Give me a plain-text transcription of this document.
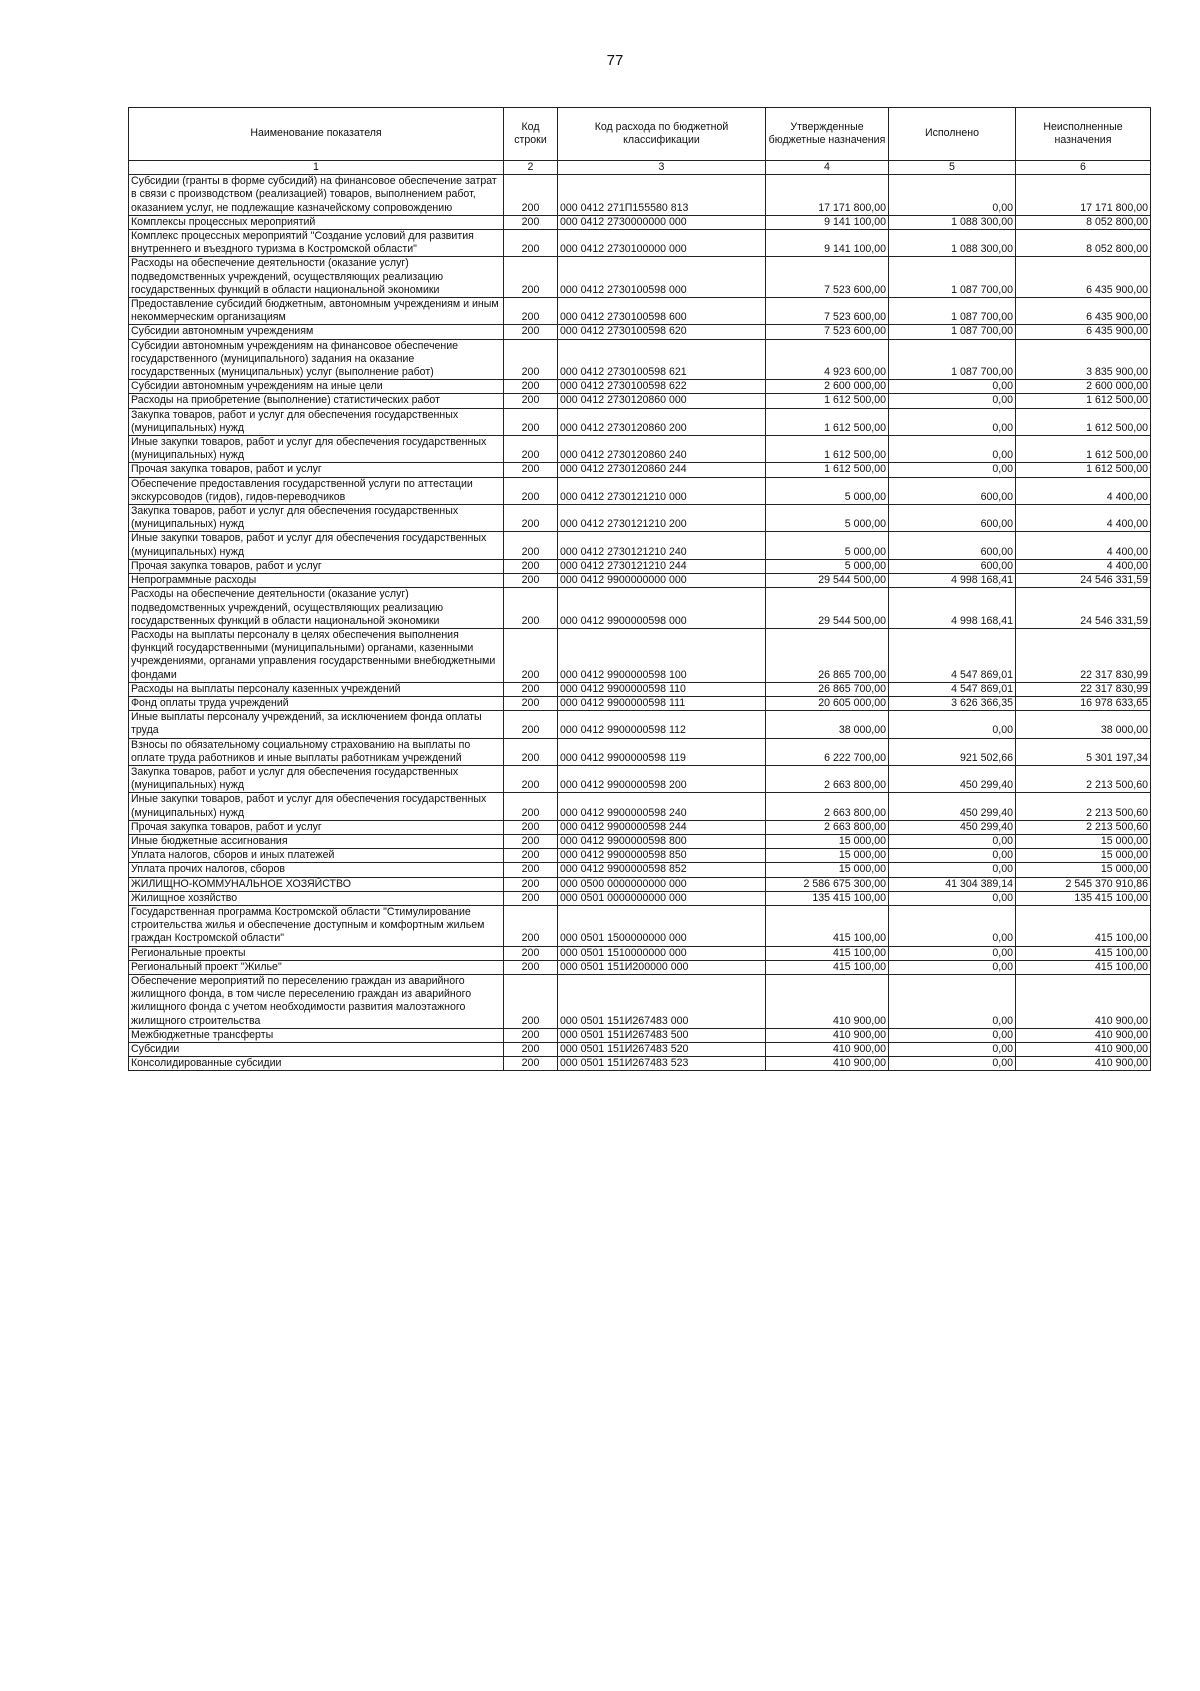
77
Наименование показателя	Код строки	Код расхода по бюджетной классификации	Утвержденные бюджетные назначения	Исполнено	Неисполненные назначения
1	2	3	4	5	6
Субсидии (гранты в форме субсидий) на финансовое обеспечение затрат в связи с производством (реализацией) товаров, выполнением работ, оказанием услуг, не подлежащие казначейскому сопровождению	200	000 0412 271П155580 813	17 171 800,00	0,00	17 171 800,00
Комплексы процессных мероприятий	200	000 0412 2730000000 000	9 141 100,00	1 088 300,00	8 052 800,00
Комплекс процессных мероприятий "Создание условий для развития внутреннего и въездного туризма в Костромской области"	200	000 0412 2730100000 000	9 141 100,00	1 088 300,00	8 052 800,00
Расходы на обеспечение деятельности (оказание услуг) подведомственных учреждений, осуществляющих реализацию государственных функций в области национальной экономики	200	000 0412 2730100598 000	7 523 600,00	1 087 700,00	6 435 900,00
Предоставление субсидий бюджетным, автономным учреждениям и иным некоммерческим организациям	200	000 0412 2730100598 600	7 523 600,00	1 087 700,00	6 435 900,00
Субсидии автономным учреждениям	200	000 0412 2730100598 620	7 523 600,00	1 087 700,00	6 435 900,00
Субсидии автономным учреждениям на финансовое обеспечение государственного (муниципального) задания на оказание государственных (муниципальных) услуг (выполнение работ)	200	000 0412 2730100598 621	4 923 600,00	1 087 700,00	3 835 900,00
Субсидии автономным учреждениям на иные цели	200	000 0412 2730100598 622	2 600 000,00	0,00	2 600 000,00
Расходы на приобретение (выполнение) статистических работ	200	000 0412 2730120860 000	1 612 500,00	0,00	1 612 500,00
Закупка товаров, работ и услуг для обеспечения государственных (муниципальных) нужд	200	000 0412 2730120860 200	1 612 500,00	0,00	1 612 500,00
Иные закупки товаров, работ и услуг для обеспечения государственных (муниципальных) нужд	200	000 0412 2730120860 240	1 612 500,00	0,00	1 612 500,00
Прочая закупка товаров, работ и услуг	200	000 0412 2730120860 244	1 612 500,00	0,00	1 612 500,00
Обеспечение предоставления государственной услуги по аттестации экскурсоводов (гидов), гидов-переводчиков	200	000 0412 2730121210 000	5 000,00	600,00	4 400,00
Закупка товаров, работ и услуг для обеспечения государственных (муниципальных) нужд	200	000 0412 2730121210 200	5 000,00	600,00	4 400,00
Иные закупки товаров, работ и услуг для обеспечения государственных (муниципальных) нужд	200	000 0412 2730121210 240	5 000,00	600,00	4 400,00
Прочая закупка товаров, работ и услуг	200	000 0412 2730121210 244	5 000,00	600,00	4 400,00
Непрограммные расходы	200	000 0412 9900000000 000	29 544 500,00	4 998 168,41	24 546 331,59
Расходы на обеспечение деятельности (оказание услуг) подведомственных учреждений, осуществляющих реализацию государственных функций в области национальной экономики	200	000 0412 9900000598 000	29 544 500,00	4 998 168,41	24 546 331,59
Расходы на выплаты персоналу в целях обеспечения выполнения функций государственными (муниципальными) органами, казенными учреждениями, органами управления государственными внебюджетными фондами	200	000 0412 9900000598 100	26 865 700,00	4 547 869,01	22 317 830,99
Расходы на выплаты персоналу казенных учреждений	200	000 0412 9900000598 110	26 865 700,00	4 547 869,01	22 317 830,99
Фонд оплаты труда учреждений	200	000 0412 9900000598 111	20 605 000,00	3 626 366,35	16 978 633,65
Иные выплаты персоналу учреждений, за исключением фонда оплаты труда	200	000 0412 9900000598 112	38 000,00	0,00	38 000,00
Взносы по обязательному социальному страхованию на выплаты по оплате труда работников и иные выплаты работникам учреждений	200	000 0412 9900000598 119	6 222 700,00	921 502,66	5 301 197,34
Закупка товаров, работ и услуг для обеспечения государственных (муниципальных) нужд	200	000 0412 9900000598 200	2 663 800,00	450 299,40	2 213 500,60
Иные закупки товаров, работ и услуг для обеспечения государственных (муниципальных) нужд	200	000 0412 9900000598 240	2 663 800,00	450 299,40	2 213 500,60
Прочая закупка товаров, работ и услуг	200	000 0412 9900000598 244	2 663 800,00	450 299,40	2 213 500,60
Иные бюджетные ассигнования	200	000 0412 9900000598 800	15 000,00	0,00	15 000,00
Уплата налогов, сборов и иных платежей	200	000 0412 9900000598 850	15 000,00	0,00	15 000,00
Уплата прочих налогов, сборов	200	000 0412 9900000598 852	15 000,00	0,00	15 000,00
ЖИЛИЩНО-КОММУНАЛЬНОЕ ХОЗЯЙСТВО	200	000 0500 0000000000 000	2 586 675 300,00	41 304 389,14	2 545 370 910,86
Жилищное хозяйство	200	000 0501 0000000000 000	135 415 100,00	0,00	135 415 100,00
Государственная программа Костромской области "Стимулирование строительства жилья и обеспечение доступным и комфортным жильем граждан Костромской области"	200	000 0501 1500000000 000	415 100,00	0,00	415 100,00
Региональные проекты	200	000 0501 1510000000 000	415 100,00	0,00	415 100,00
Региональный проект "Жилье"	200	000 0501 151И200000 000	415 100,00	0,00	415 100,00
Обеспечение мероприятий по переселению граждан из аварийного жилищного фонда, в том числе переселению граждан из аварийного жилищного фонда с учетом необходимости развития малоэтажного жилищного строительства	200	000 0501 151И267483 000	410 900,00	0,00	410 900,00
Межбюджетные трансферты	200	000 0501 151И267483 500	410 900,00	0,00	410 900,00
Субсидии	200	000 0501 151И267483 520	410 900,00	0,00	410 900,00
Консолидированные субсидии	200	000 0501 151И267483 523	410 900,00	0,00	410 900,00
